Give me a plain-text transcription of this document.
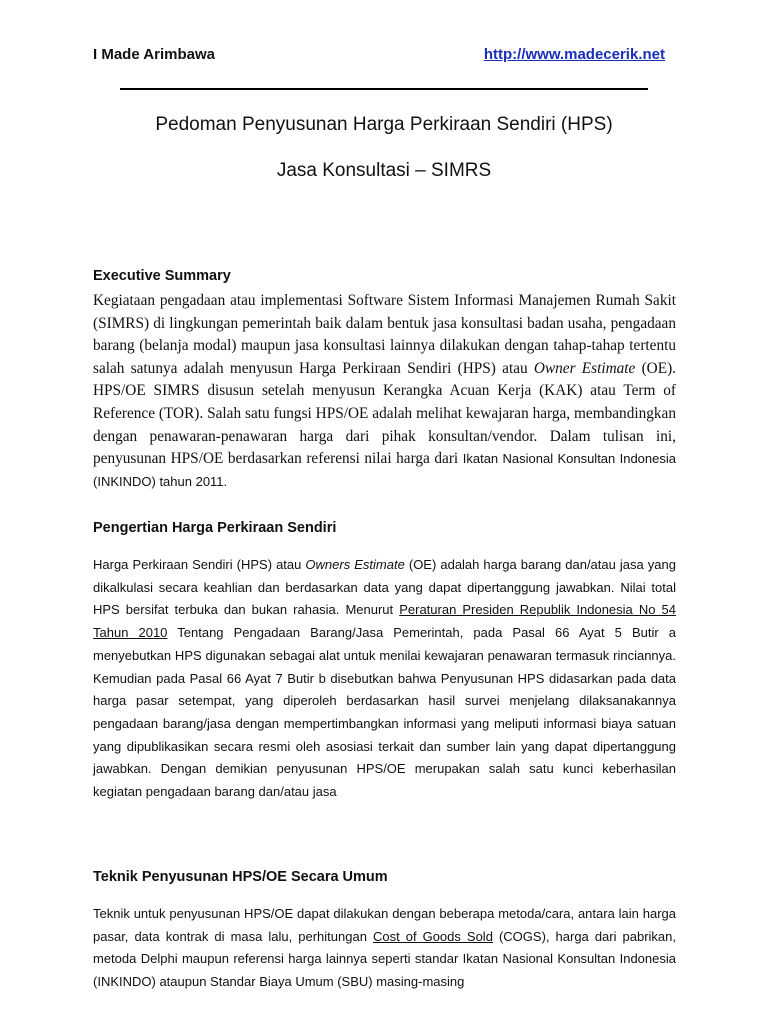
I Made Arimbawa	http://www.madecerik.net
Pedoman Penyusunan Harga Perkiraan Sendiri (HPS)
Jasa Konsultasi – SIMRS
Executive Summary
Kegiataan pengadaan atau implementasi Software Sistem Informasi Manajemen Rumah Sakit (SIMRS) di lingkungan pemerintah baik dalam bentuk jasa konsultasi badan usaha, pengadaan barang (belanja modal) maupun jasa konsultasi lainnya dilakukan dengan tahap-tahap tertentu salah satunya adalah menyusun Harga Perkiraan Sendiri (HPS) atau Owner Estimate (OE). HPS/OE SIMRS disusun setelah menyusun Kerangka Acuan Kerja (KAK) atau Term of Reference (TOR). Salah satu fungsi HPS/OE adalah melihat kewajaran harga, membandingkan dengan penawaran-penawaran harga dari pihak konsultan/vendor. Dalam tulisan ini, penyusunan HPS/OE berdasarkan referensi nilai harga dari Ikatan Nasional Konsultan Indonesia (INKINDO) tahun 2011.
Pengertian Harga Perkiraan Sendiri
Harga Perkiraan Sendiri (HPS) atau Owners Estimate (OE) adalah harga barang dan/atau jasa yang dikalkulasi secara keahlian dan berdasarkan data yang dapat dipertanggung jawabkan. Nilai total HPS bersifat terbuka dan bukan rahasia. Menurut Peraturan Presiden Republik Indonesia No 54 Tahun 2010 Tentang Pengadaan Barang/Jasa Pemerintah, pada Pasal 66 Ayat 5 Butir a menyebutkan HPS digunakan sebagai alat untuk menilai kewajaran penawaran termasuk rinciannya. Kemudian pada Pasal 66 Ayat 7 Butir b disebutkan bahwa Penyusunan HPS didasarkan pada data harga pasar setempat, yang diperoleh berdasarkan hasil survei menjelang dilaksanakannya pengadaan barang/jasa dengan mempertimbangkan informasi yang meliputi informasi biaya satuan yang dipublikasikan secara resmi oleh asosiasi terkait dan sumber lain yang dapat dipertanggung jawabkan. Dengan demikian penyusunan HPS/OE merupakan salah satu kunci keberhasilan kegiatan pengadaan barang dan/atau jasa
Teknik Penyusunan HPS/OE Secara Umum
Teknik untuk penyusunan HPS/OE dapat dilakukan dengan beberapa metoda/cara, antara lain harga pasar, data kontrak di masa lalu, perhitungan Cost of Goods Sold (COGS), harga dari pabrikan, metoda Delphi maupun referensi harga lainnya seperti standar Ikatan Nasional Konsultan Indonesia (INKINDO) ataupun Standar Biaya Umum (SBU) masing-masing
